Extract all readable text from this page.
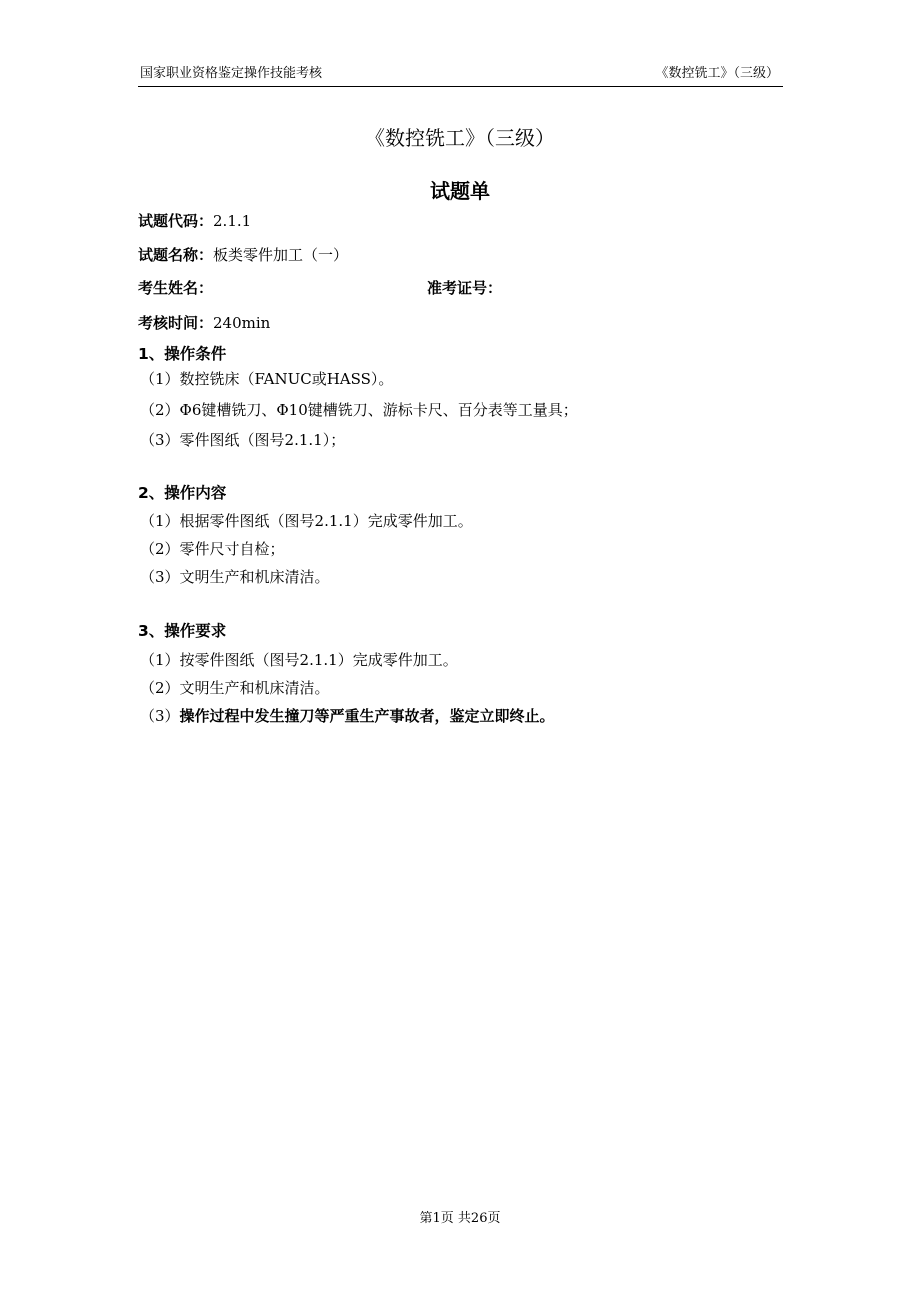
国家职业资格鉴定操作技能考核	《数控铣工》（三级）
《数控铣工》（三级）
试题单
试题代码：2.1.1
试题名称：板类零件加工（一）
考生姓名：	准考证号：
考核时间：240min
1、操作条件
（1）数控铣床（FANUC或HASS）。
（2）Φ6键槽铣刀、Φ10键槽铣刀、游标卡尺、百分表等工量具；
（3）零件图纸（图号2.1.1）；
2、操作内容
（1）根据零件图纸（图号2.1.1）完成零件加工。
（2）零件尺寸自检；
（3）文明生产和机床清洁。
3、操作要求
（1）按零件图纸（图号2.1.1）完成零件加工。
（2）文明生产和机床清洁。
（3）操作过程中发生撞刀等严重生产事故者，鉴定立即终止。
第1页 共26页
